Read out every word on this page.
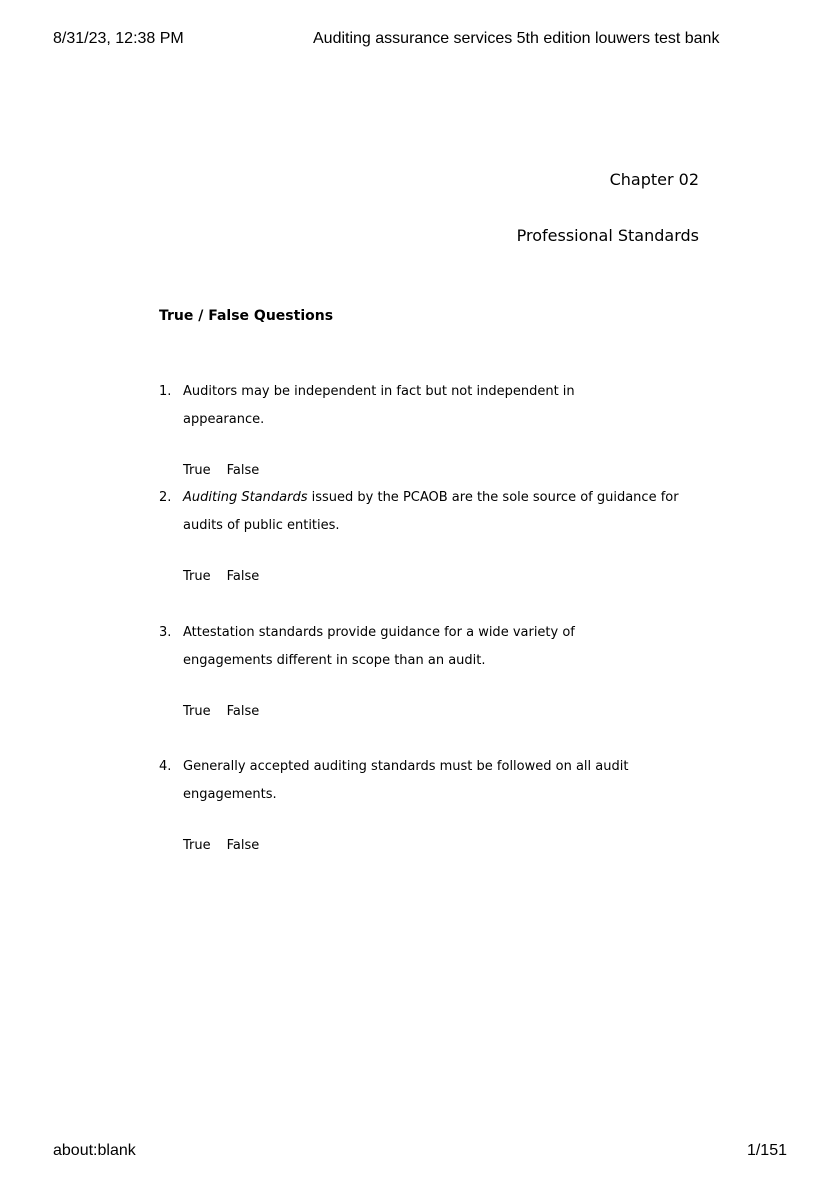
8/31/23, 12:38 PM	Auditing assurance services 5th edition louwers test bank
Chapter 02
Professional Standards
True / False Questions
1. Auditors may be independent in fact but not independent in appearance.
True False
2. Auditing Standards issued by the PCAOB are the sole source of guidance for audits of public entities.
True False
3. Attestation standards provide guidance for a wide variety of engagements different in scope than an audit.
True False
4. Generally accepted auditing standards must be followed on all audit engagements.
True False
about:blank	1/151
